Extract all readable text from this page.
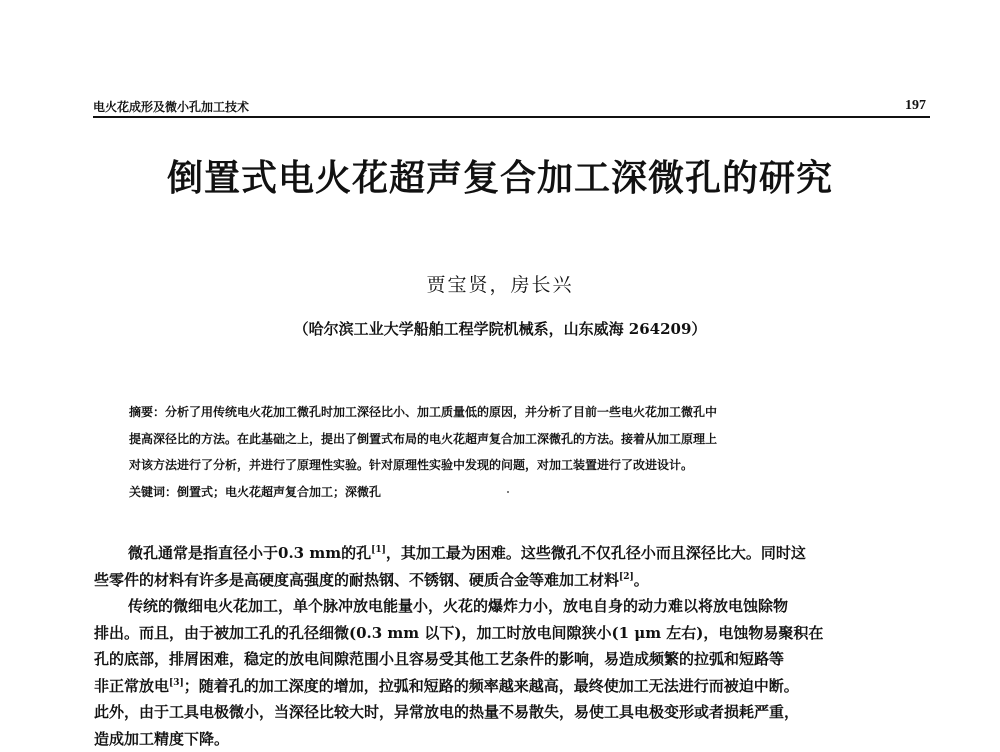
电火花成形及微小孔加工技术	197
倒置式电火花超声复合加工深微孔的研究
贾宝贤，房长兴
（哈尔滨工业大学船舶工程学院机械系，山东威海 264209）
摘要：分析了用传统电火花加工微孔时加工深径比小、加工质量低的原因，并分析了目前一些电火花加工微孔中
提高深径比的方法。在此基础之上，提出了倒置式布局的电火花超声复合加工深微孔的方法。接着从加工原理上
对该方法进行了分析，并进行了原理性实验。针对原理性实验中发现的问题，对加工装置进行了改进设计。
关键词：倒置式；电火花超声复合加工；深微孔
微孔通常是指直径小于0.3 mm的孔[1]，其加工最为困难。这些微孔不仅孔径小而且深径比大。同时这
些零件的材料有许多是高硬度高强度的耐热钢、不锈钢、硬质合金等难加工材料[2]。
传统的微细电火花加工，单个脉冲放电能量小，火花的爆炸力小，放电自身的动力难以将放电蚀除物
排出。而且，由于被加工孔的孔径细微(0.3 mm 以下)，加工时放电间隙狭小(1 μm 左右)，电蚀物易聚积在
孔的底部，排屑困难，稳定的放电间隙范围小且容易受其他工艺条件的影响，易造成频繁的拉弧和短路等
非正常放电[3]；随着孔的加工深度的增加，拉弧和短路的频率越来越高，最终使加工无法进行而被迫中断。
此外，由于工具电极微小，当深径比较大时，异常放电的热量不易散失，易使工具电极变形或者损耗严重，
造成加工精度下降。
